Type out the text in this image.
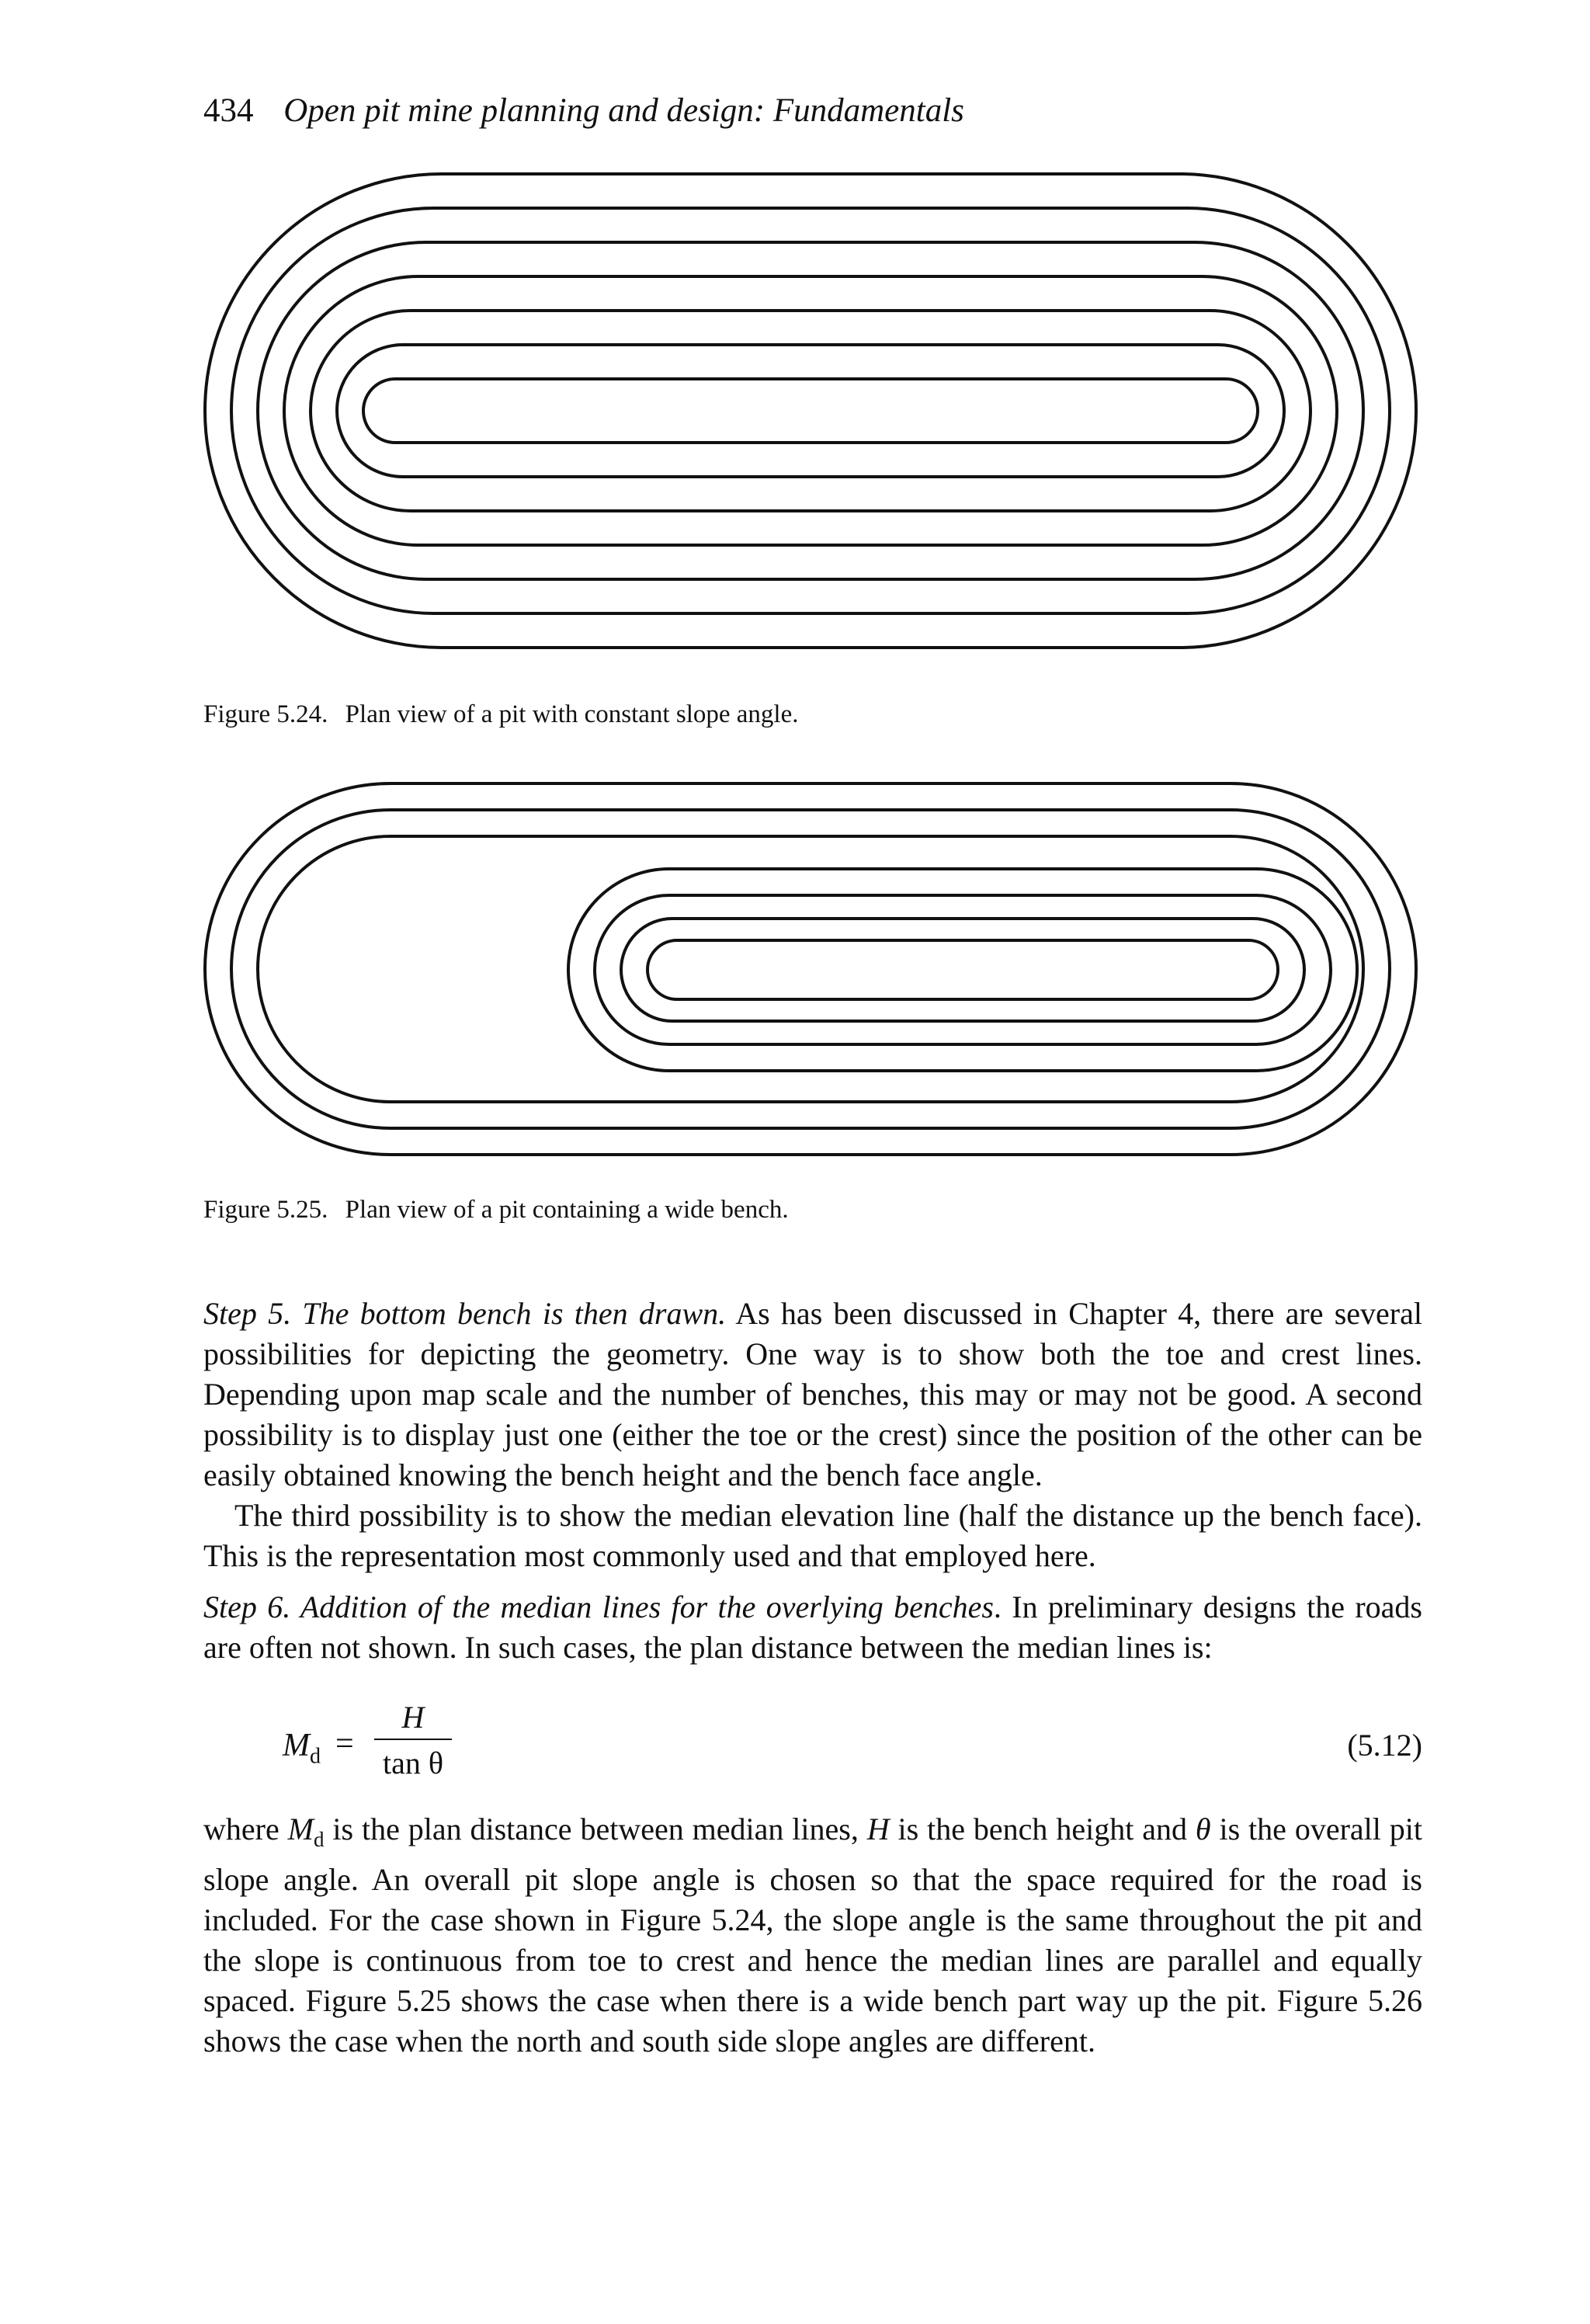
434 Open pit mine planning and design: Fundamentals
Figure 5.24. Plan view of a pit with constant slope angle.
Figure 5.25. Plan view of a pit containing a wide bench.

Step 5. The bottom bench is then drawn. As has been discussed in Chapter 4, there are several possibilities for depicting the geometry. One way is to show both the toe and crest lines. Depending upon map scale and the number of benches, this may or may not be good. A second possibility is to display just one (either the toe or the crest) since the position of the other can be easily obtained knowing the bench height and the bench face angle.

The third possibility is to show the median elevation line (half the distance up the bench face). This is the representation most commonly used and that employed here.

Step 6. Addition of the median lines for the overlying benches. In preliminary designs the roads are often not shown. In such cases, the plan distance between the median lines is:

$M_d$ =
H
tan θ
(5.12)

where $M_d$ is the plan distance between median lines, H is the bench height and θ is the overall pit slope angle. An overall pit slope angle is chosen so that the space required for the road is included. For the case shown in Figure 5.24, the slope angle is the same throughout the pit and the slope is continuous from toe to crest and hence the median lines are parallel and equally spaced. Figure 5.25 shows the case when there is a wide bench part way up the pit. Figure 5.26 shows the case when the north and south side slope angles are different.
